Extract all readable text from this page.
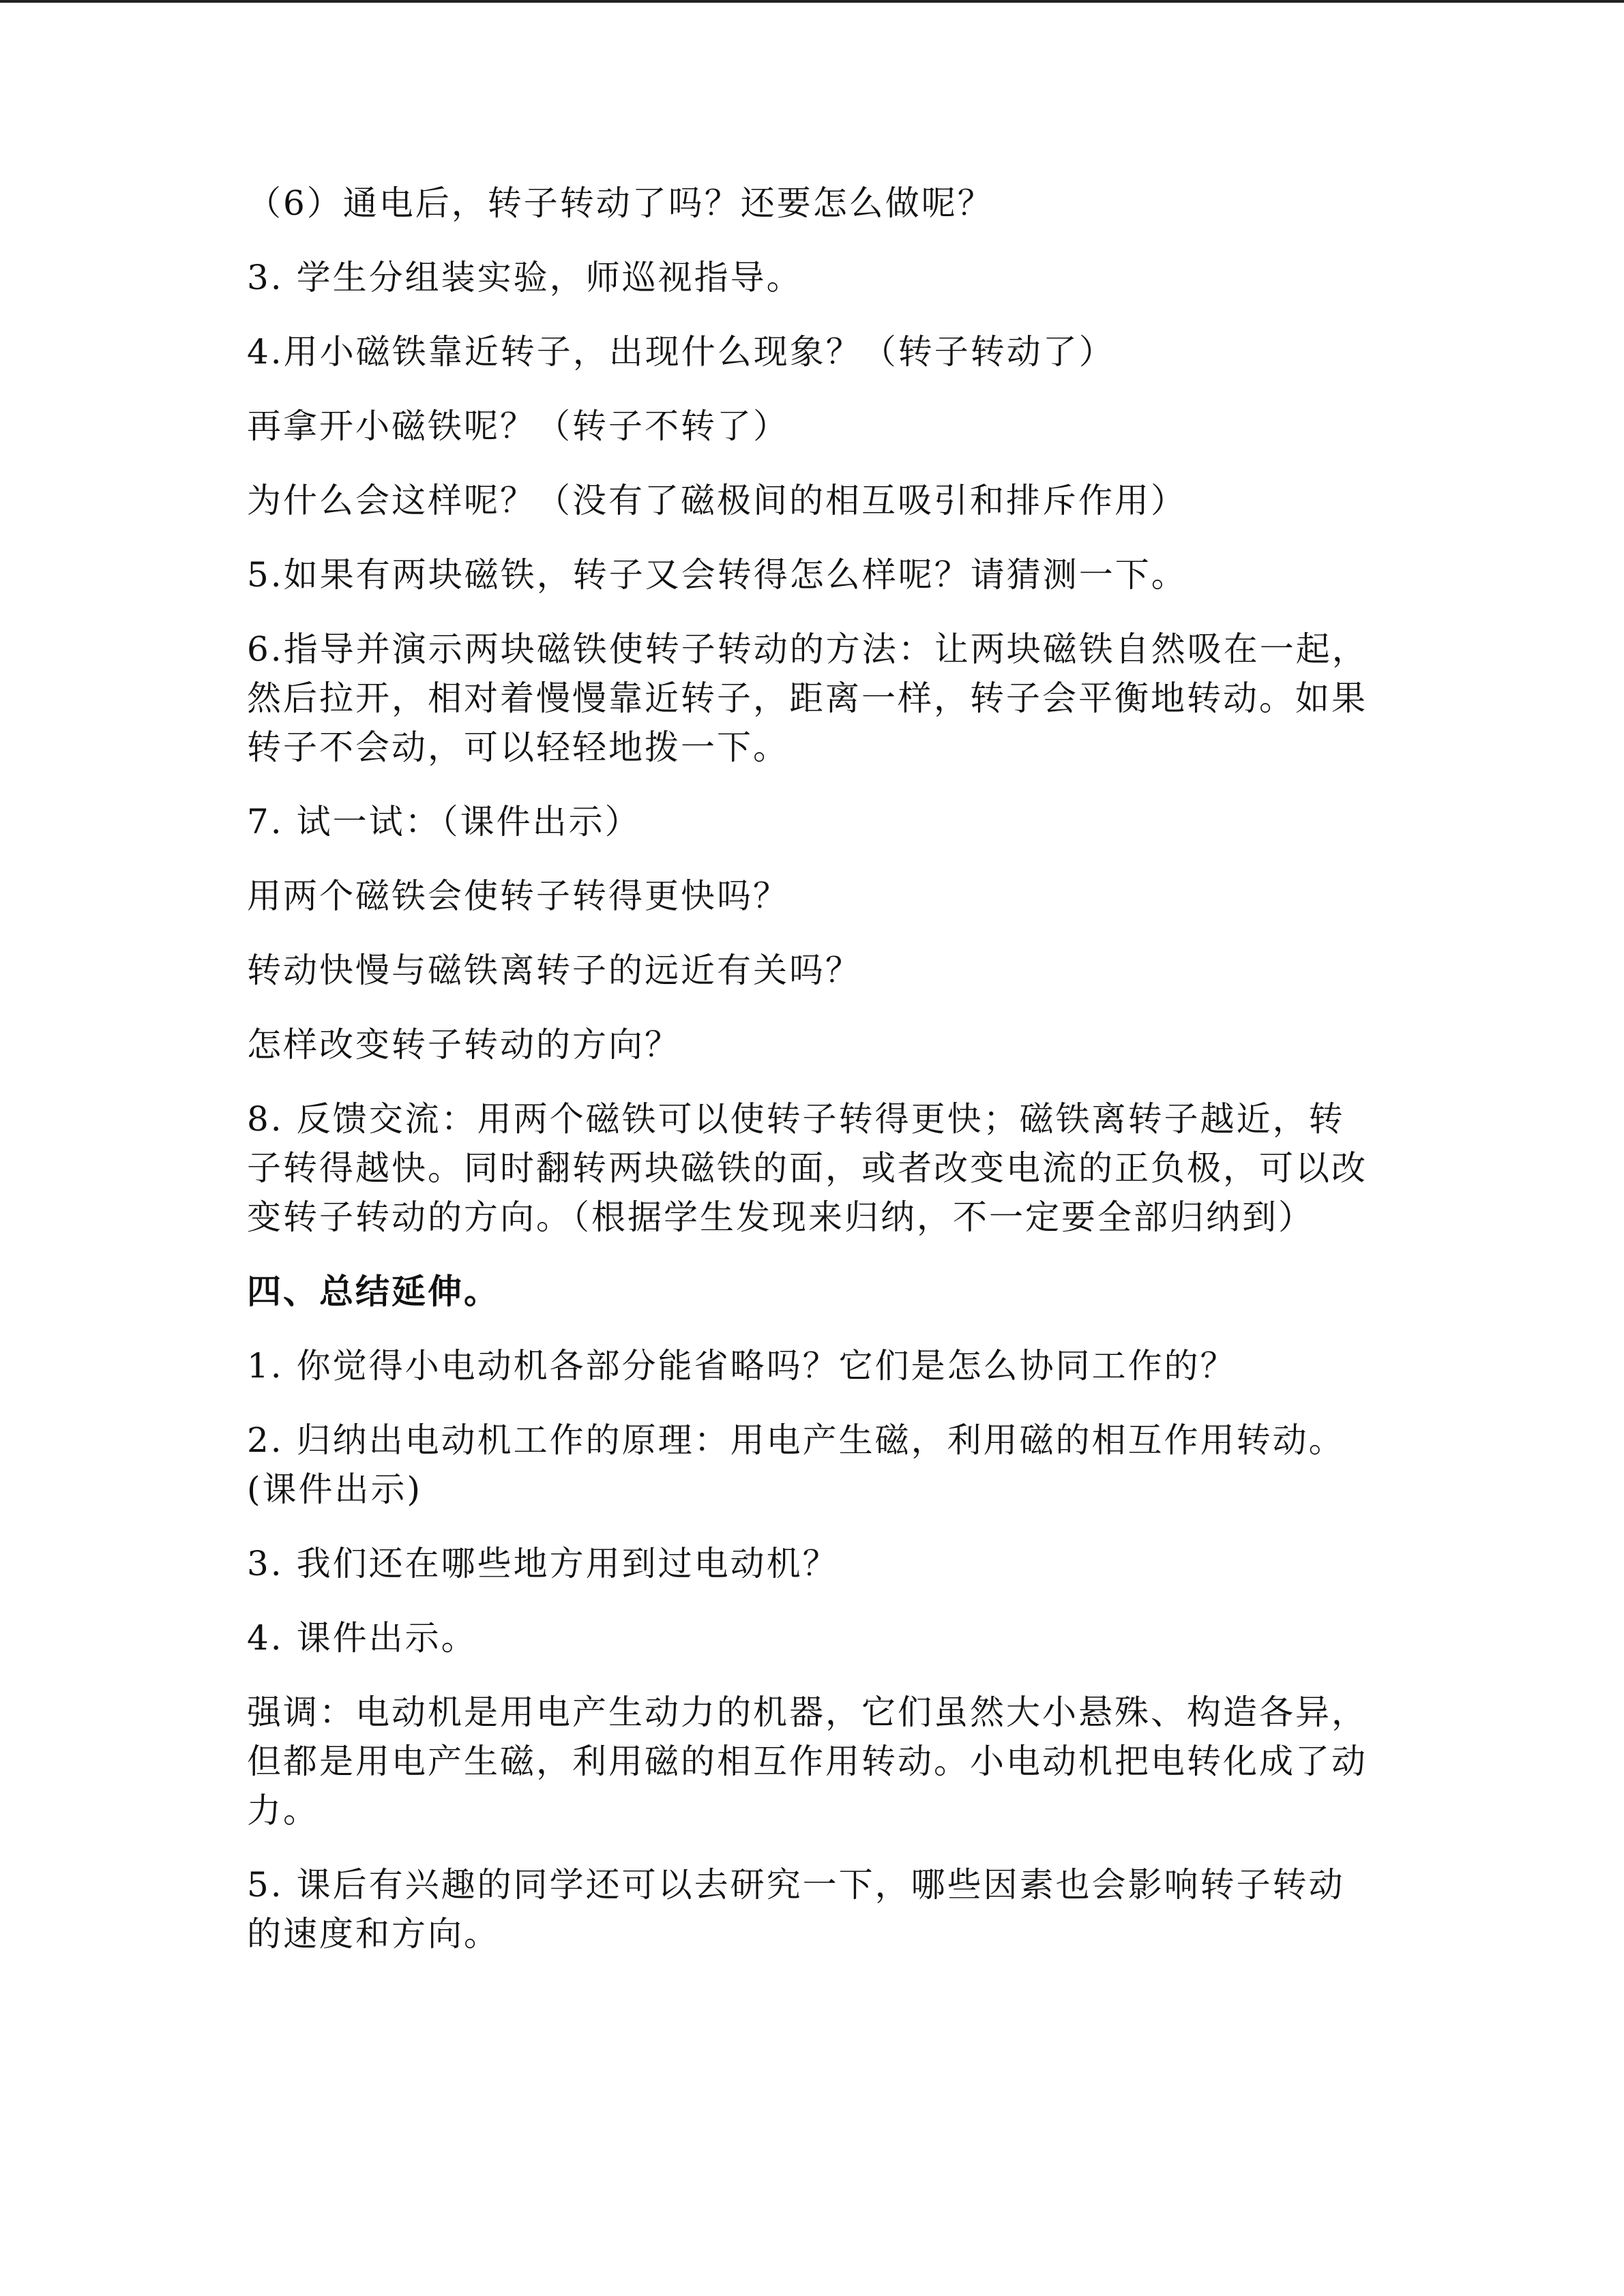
（6）通电后，转子转动了吗？还要怎么做呢？

3. 学生分组装实验，师巡视指导。

4.用小磁铁靠近转子，出现什么现象？（转子转动了）

再拿开小磁铁呢？（转子不转了）

为什么会这样呢？（没有了磁极间的相互吸引和排斥作用）

5.如果有两块磁铁，转子又会转得怎么样呢？请猜测一下。

6.指导并演示两块磁铁使转子转动的方法：让两块磁铁自然吸在一起，然后拉开，相对着慢慢靠近转子，距离一样，转子会平衡地转动。如果转子不会动，可以轻轻地拨一下。

7. 试一试：（课件出示）

用两个磁铁会使转子转得更快吗？

转动快慢与磁铁离转子的远近有关吗？

怎样改变转子转动的方向？

8. 反馈交流：用两个磁铁可以使转子转得更快；磁铁离转子越近，转子转得越快。同时翻转两块磁铁的面，或者改变电流的正负极，可以改变转子转动的方向。（根据学生发现来归纳，不一定要全部归纳到）

四、总结延伸。

1. 你觉得小电动机各部分能省略吗？它们是怎么协同工作的？

2. 归纳出电动机工作的原理：用电产生磁，利用磁的相互作用转动。(课件出示)

3. 我们还在哪些地方用到过电动机？

4. 课件出示。

强调：电动机是用电产生动力的机器，它们虽然大小悬殊、构造各异，但都是用电产生磁，利用磁的相互作用转动。小电动机把电转化成了动力。

5. 课后有兴趣的同学还可以去研究一下，哪些因素也会影响转子转动的速度和方向。
